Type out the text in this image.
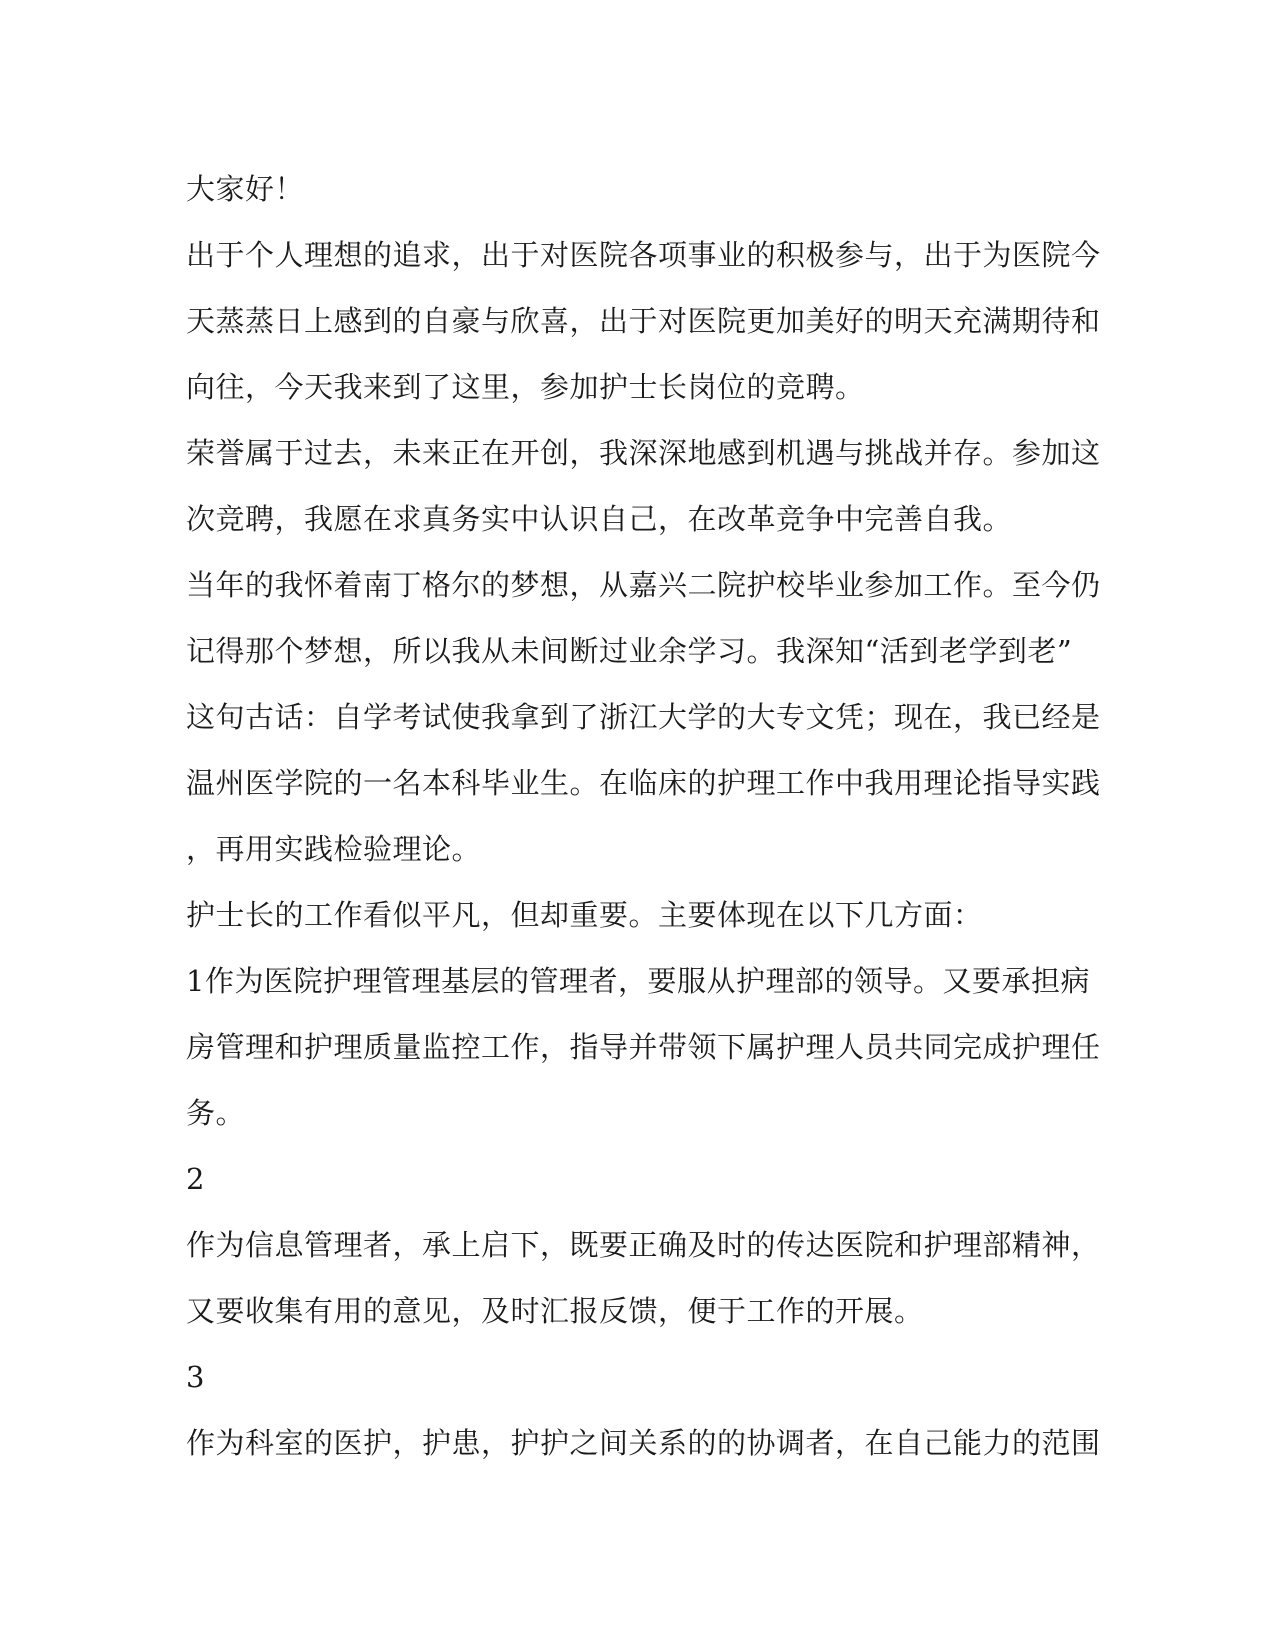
大家好！
出于个人理想的追求，出于对医院各项事业的积极参与，出于为医院今
天蒸蒸日上感到的自豪与欣喜，出于对医院更加美好的明天充满期待和
向往，今天我来到了这里，参加护士长岗位的竞聘。
荣誉属于过去，未来正在开创，我深深地感到机遇与挑战并存。参加这
次竞聘，我愿在求真务实中认识自己，在改革竞争中完善自我。
当年的我怀着南丁格尔的梦想，从嘉兴二院护校毕业参加工作。至今仍
记得那个梦想，所以我从未间断过业余学习。我深知“活到老学到老”
这句古话：自学考试使我拿到了浙江大学的大专文凭；现在，我已经是
温州医学院的一名本科毕业生。在临床的护理工作中我用理论指导实践
，再用实践检验理论。
护士长的工作看似平凡，但却重要。主要体现在以下几方面：
1作为医院护理管理基层的管理者，要服从护理部的领导。又要承担病
房管理和护理质量监控工作，指导并带领下属护理人员共同完成护理任
务。
2
作为信息管理者，承上启下，既要正确及时的传达医院和护理部精神，
又要收集有用的意见，及时汇报反馈，便于工作的开展。
3
作为科室的医护，护患，护护之间关系的的协调者，在自己能力的范围
